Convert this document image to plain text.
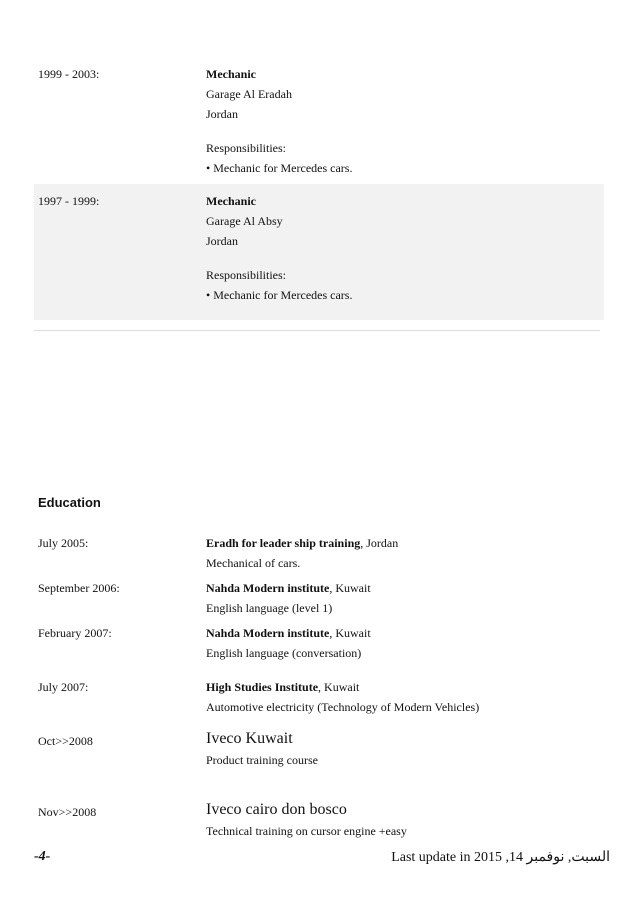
1999 - 2003:	Mechanic
Garage Al Eradah
Jordan
Responsibilities:
• Mechanic for Mercedes cars.
1997 - 1999:	Mechanic
Garage Al Absy
Jordan
Responsibilities:
• Mechanic for Mercedes cars.
Education
July 2005:	Eradh for leader ship training, Jordan
Mechanical of cars.
September 2006:	Nahda Modern institute, Kuwait
English language (level 1)
February 2007:	Nahda Modern institute, Kuwait
English language (conversation)
July 2007:	High Studies Institute, Kuwait
Automotive electricity (Technology of Modern Vehicles)
Oct>>2008	Iveco Kuwait
Product training course
Nov>>2008	Iveco cairo don bosco
Technical training on cursor engine +easy
-4-	Last update in 2015 ,14 السبت, نوفمبر
